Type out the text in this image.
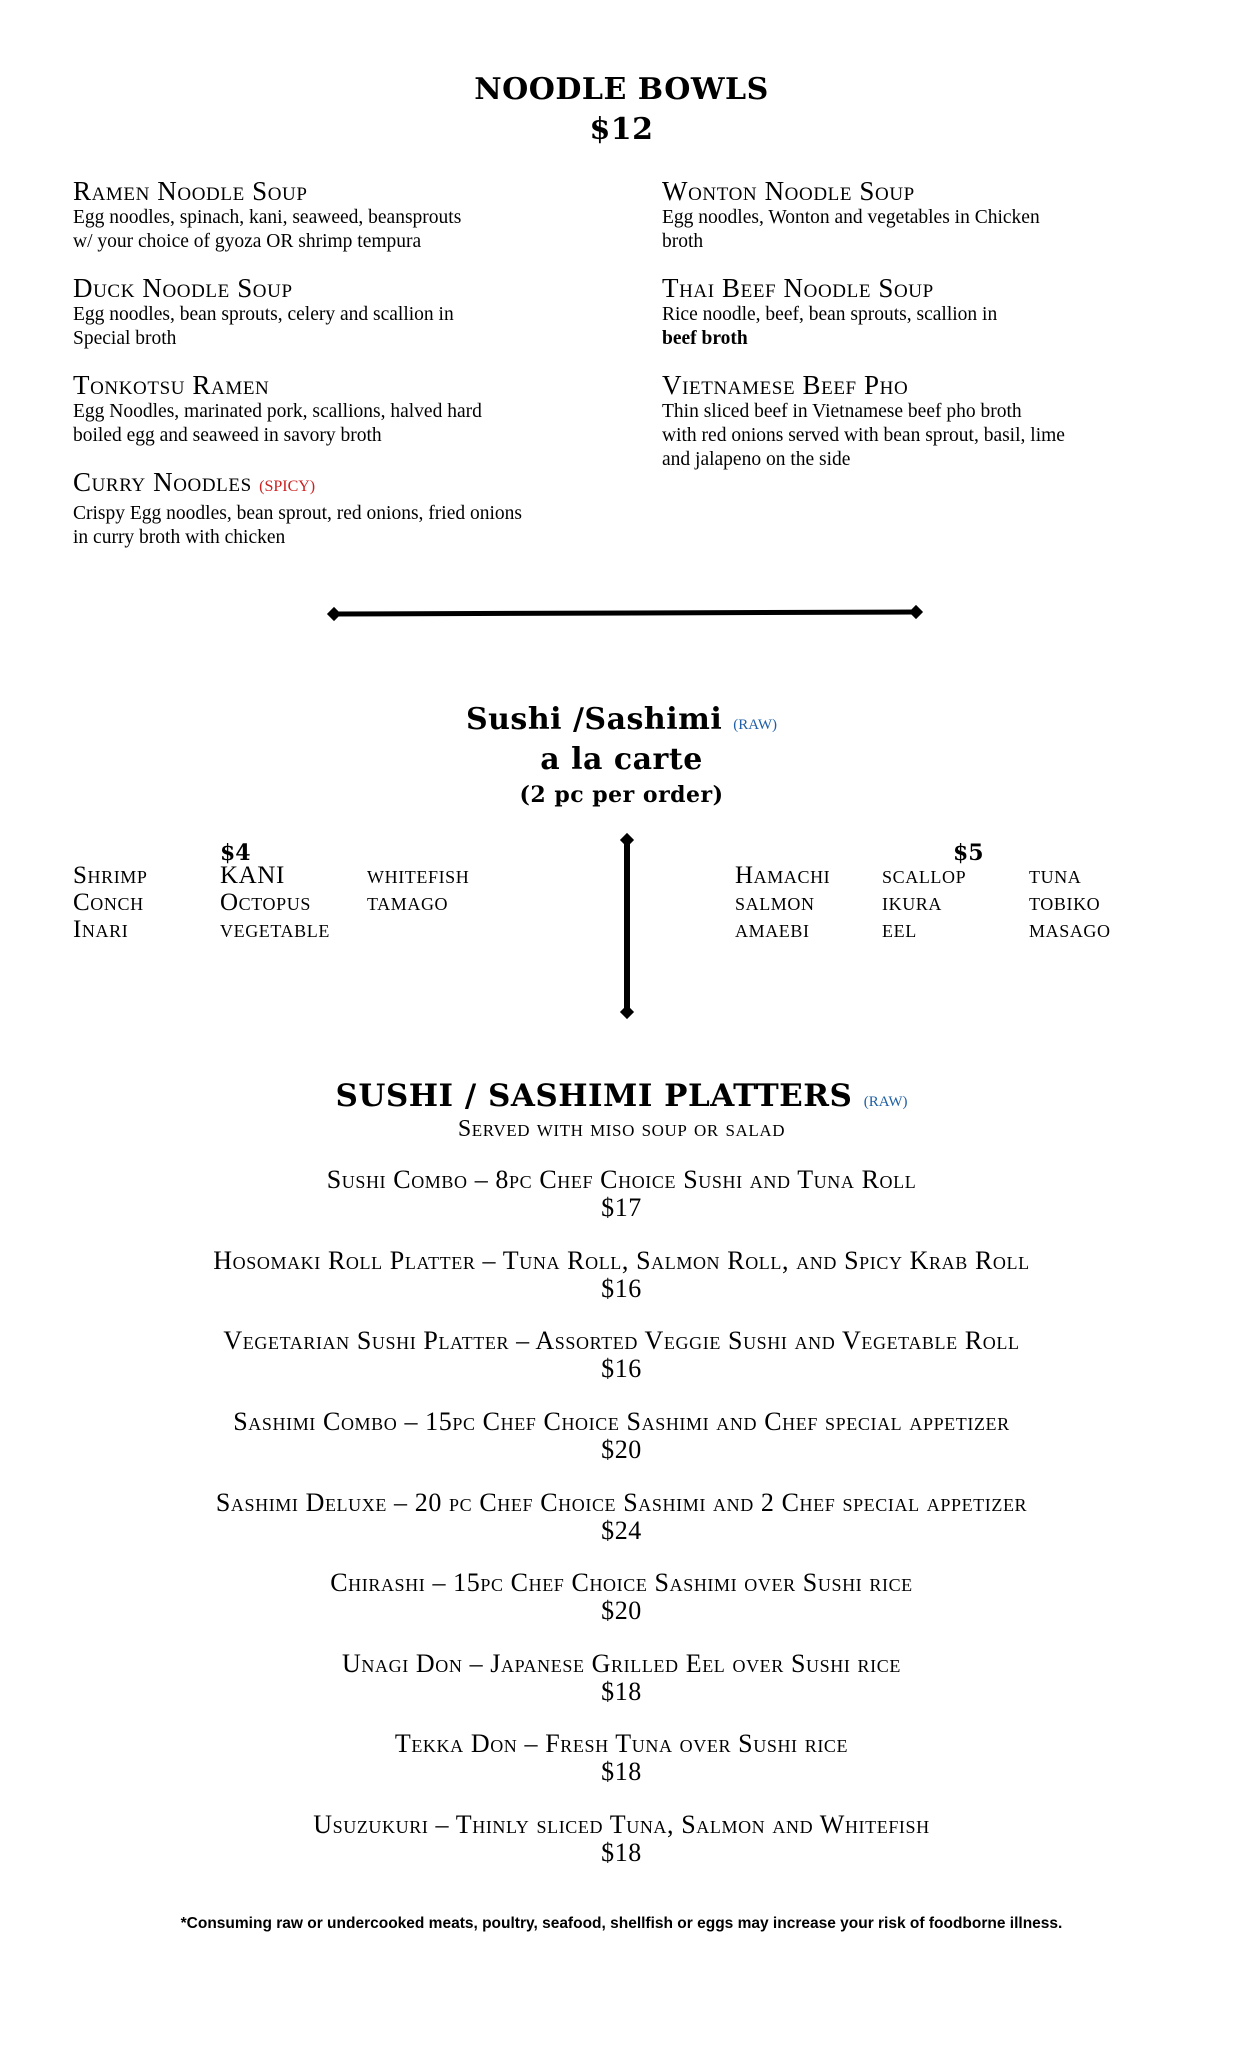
NOODLE BOWLS
$12
Ramen Noodle Soup
Egg noodles, spinach, kani, seaweed, beansprouts
w/ your choice of gyoza OR shrimp tempura
Duck Noodle Soup
Egg noodles, bean sprouts, celery and scallion in
Special broth
Tonkotsu Ramen
Egg Noodles, marinated pork, scallions, halved hard
boiled egg and seaweed in savory broth
Curry Noodles (SPICY)
Crispy Egg noodles, bean sprout, red onions, fried onions
in curry broth with chicken
Wonton Noodle Soup
Egg noodles, Wonton and vegetables in Chicken
broth
Thai Beef Noodle Soup
Rice noodle, beef, bean sprouts, scallion in
beef broth
Vietnamese Beef Pho
Thin sliced beef in Vietnamese beef pho broth
with red onions served with bean sprout, basil, lime
and jalapeno on the side
Sushi /Sashimi (RAW)
a la carte
(2 pc per order)
$4	$5
Shrimp
Conch
Inari
KANI
Octopus
vegetable
whitefish
tamago
Hamachi
salmon
amaebi
scallop
ikura
eel
tuna
tobiko
masago
SUSHI / SASHIMI PLATTERS (RAW)
Served with miso soup or salad
Sushi Combo – 8pc Chef Choice Sushi and Tuna Roll
$17
Hosomaki Roll Platter – Tuna Roll, Salmon Roll, and Spicy Krab Roll
$16
Vegetarian Sushi Platter – Assorted Veggie Sushi and Vegetable Roll
$16
Sashimi Combo – 15pc Chef Choice Sashimi and Chef special appetizer
$20
Sashimi Deluxe – 20 pc Chef Choice Sashimi and 2 Chef special appetizer
$24
Chirashi – 15pc Chef Choice Sashimi over Sushi rice
$20
Unagi Don – Japanese Grilled Eel over Sushi rice
$18
Tekka Don – Fresh Tuna over Sushi rice
$18
Usuzukuri – Thinly sliced Tuna, Salmon and Whitefish
$18
*Consuming raw or undercooked meats, poultry, seafood, shellfish or eggs may increase your risk of foodborne illness.
